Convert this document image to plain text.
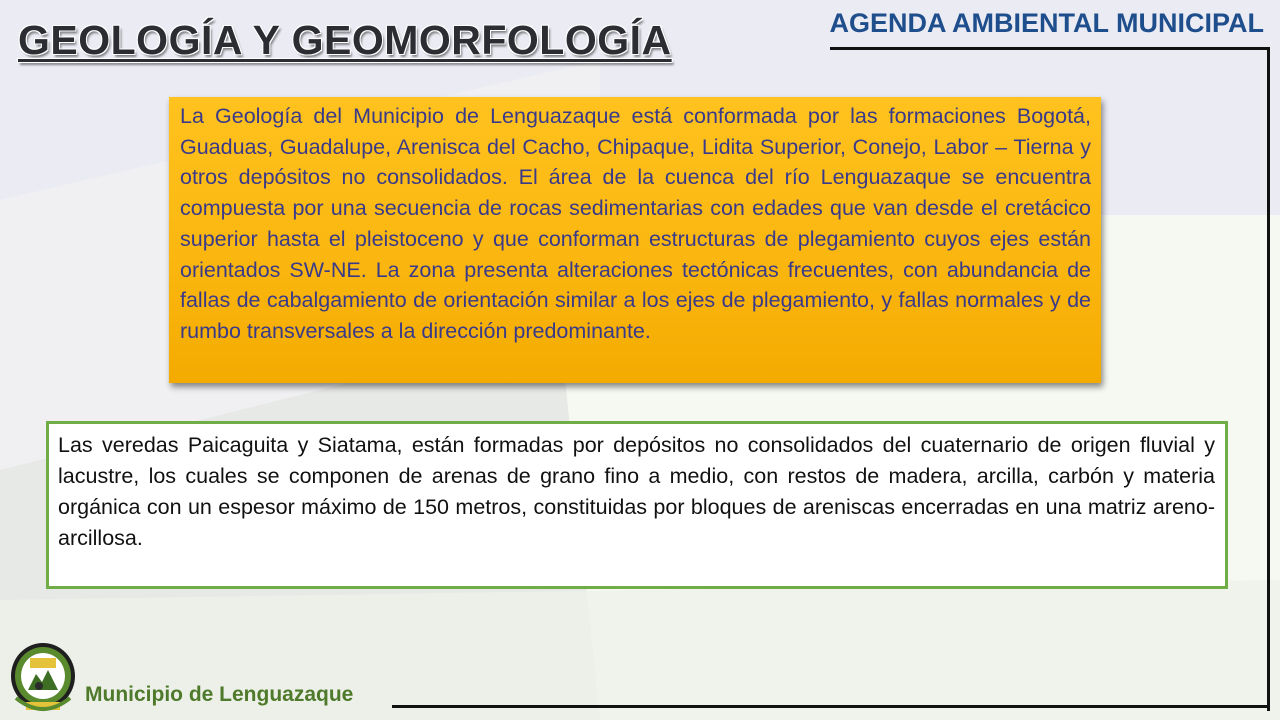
GEOLOGÍA Y GEOMORFOLOGÍA	AGENDA AMBIENTAL MUNICIPAL
La Geología del Municipio de Lenguazaque está conformada por las formaciones Bogotá, Guaduas, Guadalupe, Arenisca del Cacho, Chipaque, Lidita Superior, Conejo, Labor – Tierna y otros depósitos no consolidados. El área de la cuenca del río Lenguazaque se encuentra compuesta por una secuencia de rocas sedimentarias con edades que van desde el cretácico superior hasta el pleistoceno y que conforman estructuras de plegamiento cuyos ejes están orientados SW-NE. La zona presenta alteraciones tectónicas frecuentes, con abundancia de fallas de cabalgamiento de orientación similar a los ejes de plegamiento, y fallas normales y de rumbo transversales a la dirección predominante.
Las veredas Paicaguita y Siatama, están formadas por depósitos no consolidados del cuaternario de origen fluvial y lacustre, los cuales se componen de arenas de grano fino a medio, con restos de madera, arcilla, carbón y materia orgánica con un espesor máximo de 150 metros, constituidas por bloques de areniscas encerradas en una matriz areno-arcillosa.

Municipio de Lenguazaque
